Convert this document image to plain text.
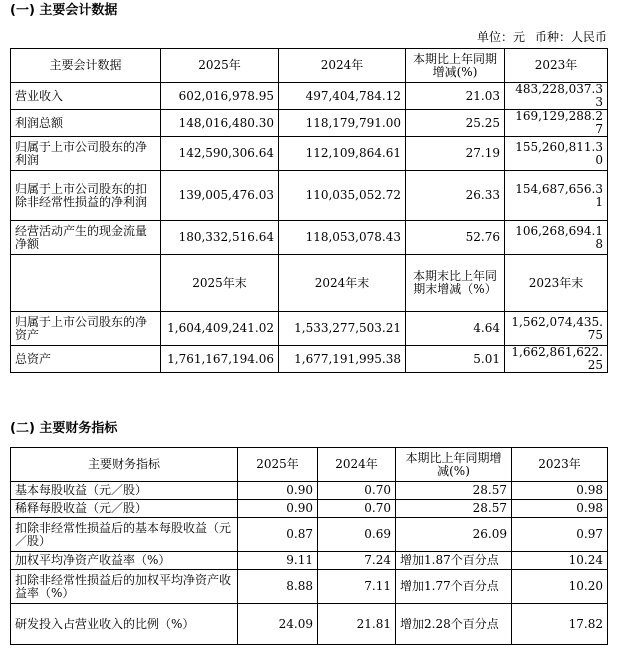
(一) 主要会计数据
单位：元 币种：人民币
主要会计数据	2025年	2024年	本期比上年同期增减(%)	2023年
营业收入	602,016,978.95	497,404,784.12	21.03	483,228,037.33
利润总额	148,016,480.30	118,179,791.00	25.25	169,129,288.27
归属于上市公司股东的净利润	142,590,306.64	112,109,864.61	27.19	155,260,811.30
归属于上市公司股东的扣除非经常性损益的净利润	139,005,476.03	110,035,052.72	26.33	154,687,656.31
经营活动产生的现金流量净额	180,332,516.64	118,053,078.43	52.76	106,268,694.18
	2025年末	2024年末	本期末比上年同期末增减（%）	2023年末
归属于上市公司股东的净资产	1,604,409,241.02	1,533,277,503.21	4.64	1,562,074,435.75
总资产	1,761,167,194.06	1,677,191,995.38	5.01	1,662,861,622.25
(二) 主要财务指标
主要财务指标	2025年	2024年	本期比上年同期增减(%)	2023年
基本每股收益（元／股）	0.90	0.70	28.57	0.98
稀释每股收益（元／股）	0.90	0.70	28.57	0.98
扣除非经常性损益后的基本每股收益（元／股）	0.87	0.69	26.09	0.97
加权平均净资产收益率（%）	9.11	7.24	增加1.87个百分点	10.24
扣除非经常性损益后的加权平均净资产收益率（%）	8.88	7.11	增加1.77个百分点	10.20
研发投入占营业收入的比例（%）	24.09	21.81	增加2.28个百分点	17.82
